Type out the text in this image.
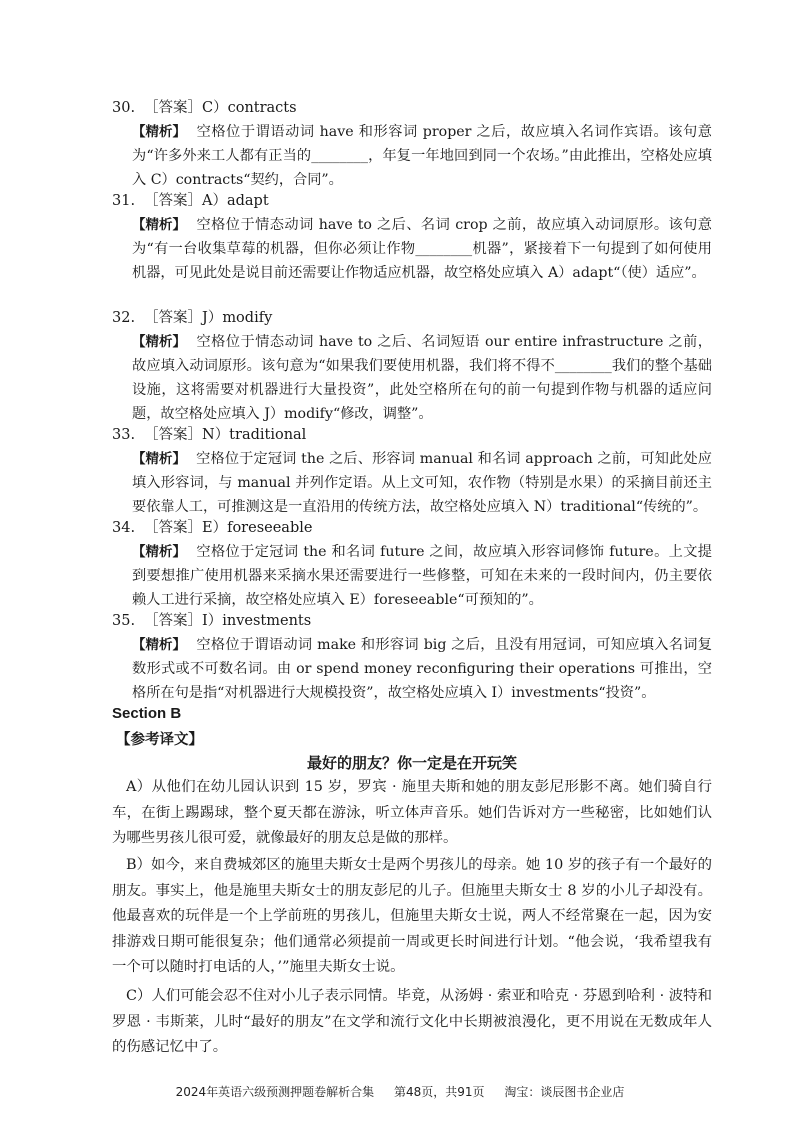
30. ［答案］C）contracts
【精析】 空格位于谓语动词 have 和形容词 proper 之后，故应填入名词作宾语。该句意为“许多外来工人都有正当的________，年复一年地回到同一个农场。”由此推出，空格处应填入 C）contracts“契约，合同”。
31. ［答案］A）adapt
【精析】 空格位于情态动词 have to 之后、名词 crop 之前，故应填入动词原形。该句意为“有一台收集草莓的机器，但你必须让作物________机器”，紧接着下一句提到了如何使用机器，可见此处是说目前还需要让作物适应机器，故空格处应填入 A）adapt“（使）适应”。
32. ［答案］J）modify
【精析】 空格位于情态动词 have to 之后、名词短语 our entire infrastructure 之前，故应填入动词原形。该句意为“如果我们要使用机器，我们将不得不________我们的整个基础设施，这将需要对机器进行大量投资”，此处空格所在句的前一句提到作物与机器的适应问题，故空格处应填入 J）modify“修改，调整”。
33. ［答案］N）traditional
【精析】 空格位于定冠词 the 之后、形容词 manual 和名词 approach 之前，可知此处应填入形容词，与 manual 并列作定语。从上文可知，农作物（特别是水果）的采摘目前还主要依靠人工，可推测这是一直沿用的传统方法，故空格处应填入 N）traditional“传统的”。
34. ［答案］E）foreseeable
【精析】 空格位于定冠词 the 和名词 future 之间，故应填入形容词修饰 future。上文提到要想推广使用机器来采摘水果还需要进行一些修整，可知在未来的一段时间内，仍主要依赖人工进行采摘，故空格处应填入 E）foreseeable“可预知的”。
35. ［答案］I）investments
【精析】 空格位于谓语动词 make 和形容词 big 之后，且没有用冠词，可知应填入名词复数形式或不可数名词。由 or spend money reconfiguring their operations 可推出，空格所在句是指“对机器进行大规模投资”，故空格处应填入 I）investments“投资”。
Section B
【参考译文】
最好的朋友？你一定是在开玩笑
A）从他们在幼儿园认识到 15 岁，罗宾 · 施里夫斯和她的朋友彭尼形影不离。她们骑自行车，在街上踢踢球，整个夏天都在游泳，听立体声音乐。她们告诉对方一些秘密，比如她们认为哪些男孩儿很可爱，就像最好的朋友总是做的那样。
B）如今，来自费城郊区的施里夫斯女士是两个男孩儿的母亲。她 10 岁的孩子有一个最好的朋友。事实上，他是施里夫斯女士的朋友彭尼的儿子。但施里夫斯女士 8 岁的小儿子却没有。他最喜欢的玩伴是一个上学前班的男孩儿，但施里夫斯女士说，两人不经常聚在一起，因为安排游戏日期可能很复杂；他们通常必须提前一周或更长时间进行计划。“他会说，‘我希望我有一个可以随时打电话的人，’”施里夫斯女士说。
C）人们可能会忍不住对小儿子表示同情。毕竟，从汤姆 · 索亚和哈克 · 芬恩到哈利 · 波特和罗恩 · 韦斯莱，儿时“最好的朋友”在文学和流行文化中长期被浪漫化，更不用说在无数成年人的伤感记忆中了。
2024年英语六级预测押题卷解析合集 第48页，共91页 淘宝：谈辰图书企业店
